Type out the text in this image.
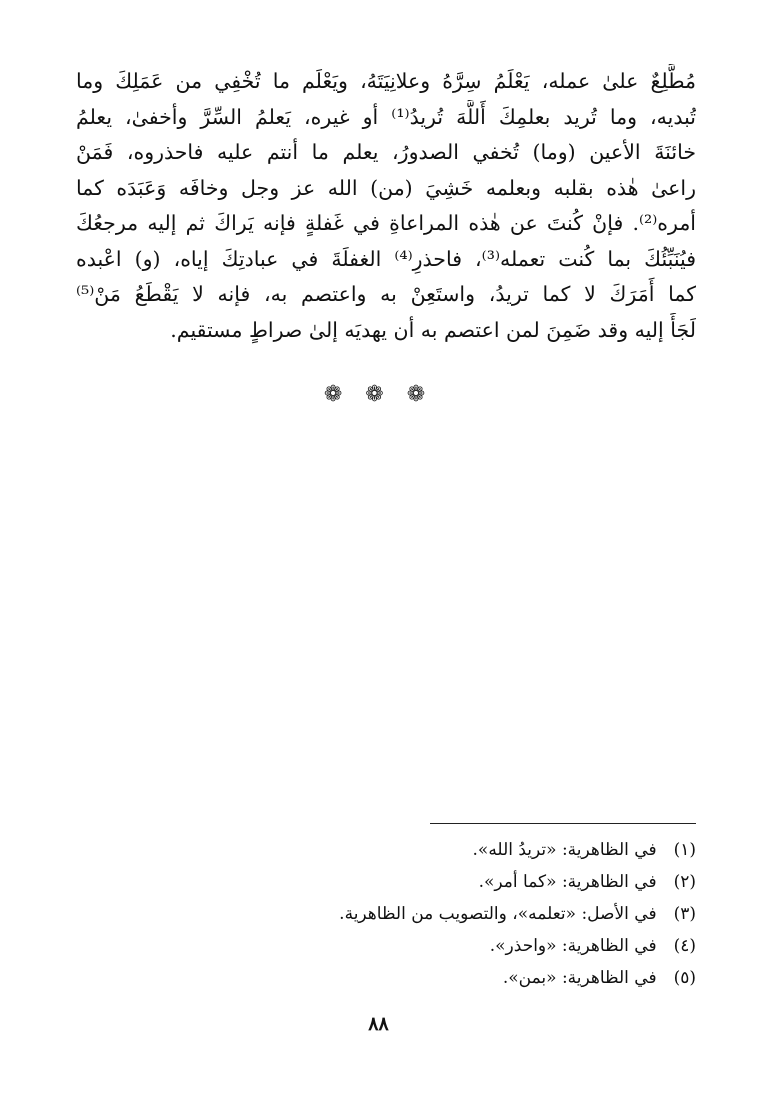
مُطَّلِعٌ علىٰ عمله، يَعْلَمُ سِرَّهُ وعلانِيَتَهُ، ويَعْلَم ما تُخْفِي من عَمَلِكَ وما
تُبديه، وما تُريد بعلمِكَ أَللَّهَ تُريدُ⁽¹⁾ أو غيره، يَعلمُ السِّرَّ وأخفىٰ، يعلمُ
خائنَةَ الأعين (وما) تُخفي الصدورُ، يعلم ما أنتم عليه فاحذروه، فَمَنْ
راعىٰ هٰذه بقلبه وبعلمه خَشِيَ (من) الله عز وجل وخافَه وَعَبَدَه كما
أمره⁽²⁾. فإنْ كُنتَ عن هٰذه المراعاةِ في غَفلةٍ فإنه يَراكَ ثم إليه مرجعُكَ
فيُنَبِّئُكَ بما كُنت تعمله⁽³⁾، فاحذرِ⁽⁴⁾ الغفلَةَ في عبادتِكَ إياه، (و) اعْبده
كما أَمَرَكَ لا كما تريدُ، واستَعِنْ به واعتصم به، فإنه لا يَقْطَعُ مَنْ⁽⁵⁾
لَجَأَ إليه وقد ضَمِنَ لمن اعتصم به أن يهديَه إلىٰ صراطٍ مستقيم.
❁ ❁ ❁
(١) في الظاهرية: «تريدُ الله».
(٢) في الظاهرية: «كما أمر».
(٣) في الأصل: «تعلمه»، والتصويب من الظاهرية.
(٤) في الظاهرية: «واحذر».
(٥) في الظاهرية: «بمن».
٨٨
